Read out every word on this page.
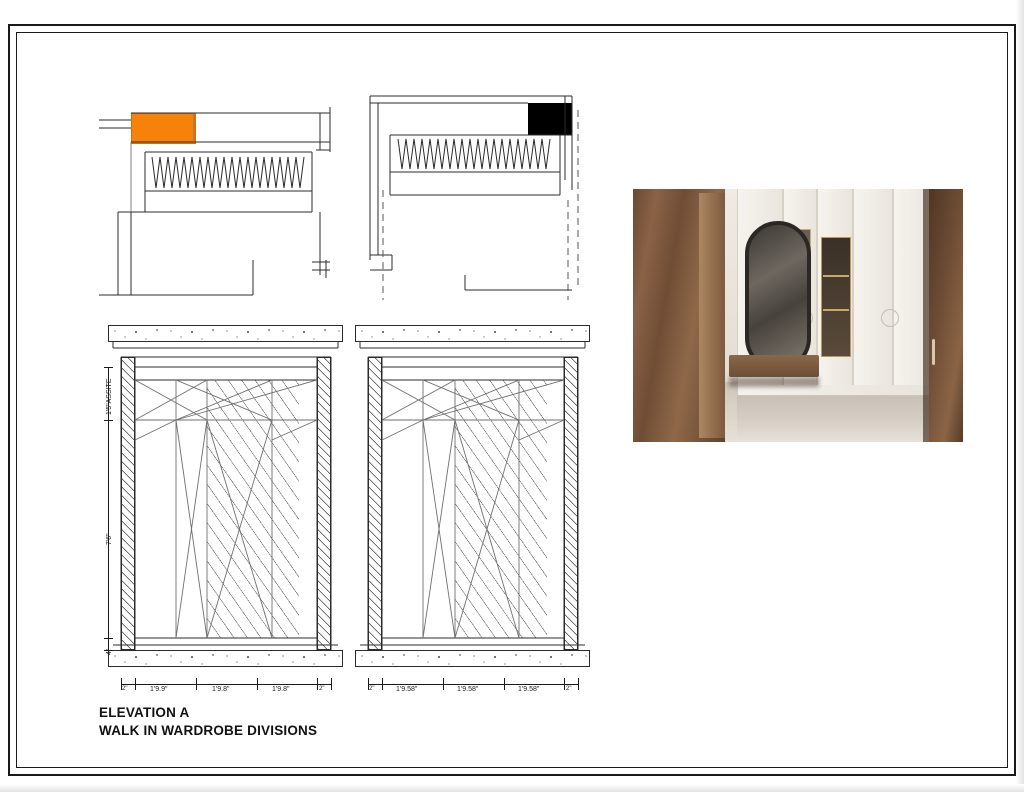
1'5"ASSITE
7'6"
4"
2"	1'9.9"	1'9.8"	1'9.8"	2"	2"	1'9.58"	1'9.58"	1'9.58"	2"
ELEVATION A
WALK IN WARDROBE DIVISIONS
